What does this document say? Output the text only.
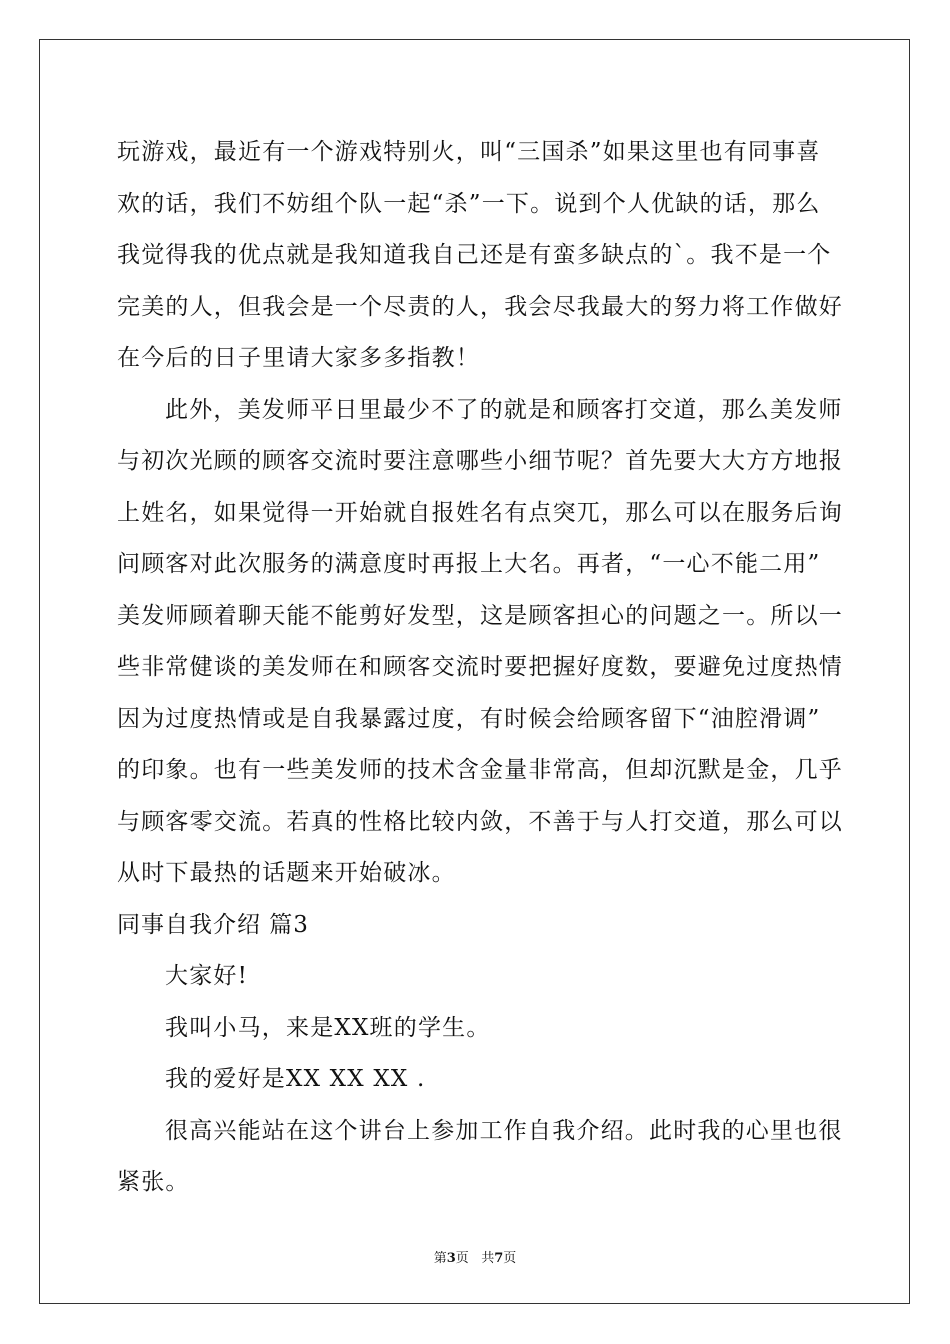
玩游戏，最近有一个游戏特别火，叫“三国杀”如果这里也有同事喜
欢的话，我们不妨组个队一起“杀”一下。说到个人优缺的话，那么
我觉得我的优点就是我知道我自己还是有蛮多缺点的`。我不是一个
完美的人，但我会是一个尽责的人，我会尽我最大的努力将工作做好
在今后的日子里请大家多多指教！
此外，美发师平日里最少不了的就是和顾客打交道，那么美发师
与初次光顾的顾客交流时要注意哪些小细节呢？首先要大大方方地报
上姓名，如果觉得一开始就自报姓名有点突兀，那么可以在服务后询
问顾客对此次服务的满意度时再报上大名。再者，“一心不能二用”
美发师顾着聊天能不能剪好发型，这是顾客担心的问题之一。所以一
些非常健谈的美发师在和顾客交流时要把握好度数，要避免过度热情
因为过度热情或是自我暴露过度，有时候会给顾客留下“油腔滑调”
的印象。也有一些美发师的技术含金量非常高，但却沉默是金，几乎
与顾客零交流。若真的性格比较内敛，不善于与人打交道，那么可以
从时下最热的话题来开始破冰。
同事自我介绍 篇3
大家好!
我叫小马，来是XX班的学生。
我的爱好是XX XX XX .
很高兴能站在这个讲台上参加工作自我介绍。此时我的心里也很
紧张。
第3页 共7页
